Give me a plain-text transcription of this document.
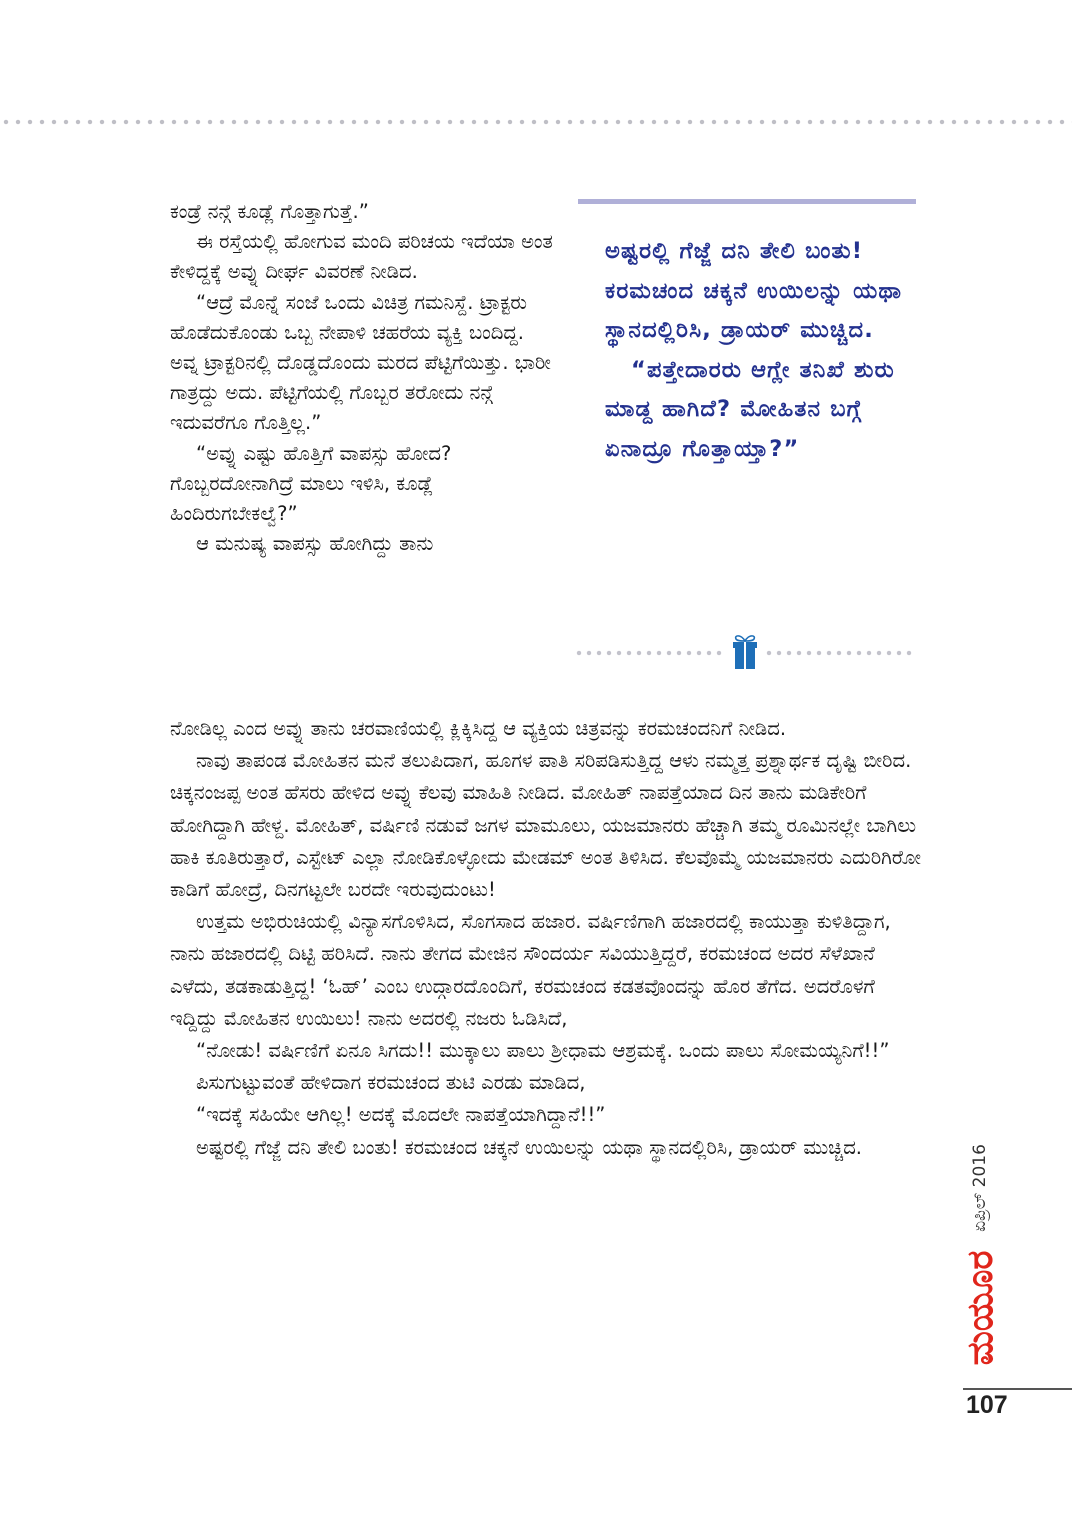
ಕಂಡ್ರೆ ನನ್ಗೆ ಕೂಡ್ಲೆ ಗೊತ್ತಾಗುತ್ತೆ.”

ಈ ರಸ್ತೆಯಲ್ಲಿ ಹೋಗುವ ಮಂದಿ ಪರಿಚಯ ಇದೆಯಾ ಅಂತ ಕೇಳಿದ್ದಕ್ಕೆ ಅವ್ನು ದೀರ್ಘ ವಿವರಣೆ ನೀಡಿದ.

“ಆದ್ರೆ ಮೊನ್ನೆ ಸಂಜೆ ಒಂದು ವಿಚಿತ್ರ ಗಮನಿಸ್ದೆ. ಟ್ರಾಕ್ಟರು ಹೊಡೆದುಕೊಂಡು ಒಬ್ಬ ನೇಪಾಳಿ ಚಹರೆಯ ವ್ಯಕ್ತಿ ಬಂದಿದ್ದ. ಅವ್ನ ಟ್ರಾಕ್ಟರಿನಲ್ಲಿ ದೊಡ್ಡದೊಂದು ಮರದ ಪೆಟ್ಟಿಗೆಯಿತ್ತು. ಭಾರೀ ಗಾತ್ರದ್ದು ಅದು. ಪೆಟ್ಟಿಗೆಯಲ್ಲಿ ಗೊಬ್ಬರ ತರೋದು ನನ್ಗೆ ಇದುವರೆಗೂ ಗೊತ್ತಿಲ್ಲ.”

“ಅವ್ನು ಎಷ್ಟು ಹೊತ್ತಿಗೆ ವಾಪಸ್ಸು ಹೋದ? ಗೊಬ್ಬರದೋನಾಗಿದ್ರೆ ಮಾಲು ಇಳಿಸಿ, ಕೂಡ್ಲೆ ಹಿಂದಿರುಗಬೇಕಲ್ವೆ?”

ಆ ಮನುಷ್ಯ ವಾಪಸ್ಸು ಹೋಗಿದ್ದು ತಾನು

ಅಷ್ಟರಲ್ಲಿ ಗೆಜ್ಜೆ ದನಿ ತೇಲಿ ಬಂತು! ಕರಮಚಂದ ಚಕ್ಕನೆ ಉಯಿಲನ್ನು ಯಥಾ ಸ್ಥಾನದಲ್ಲಿರಿಸಿ, ಡ್ರಾಯರ್ ಮುಚ್ಚಿದ.

“ಪತ್ತೇದಾರರು ಆಗ್ಲೇ ತನಿಖೆ ಶುರು ಮಾಡ್ದ ಹಾಗಿದೆ? ಮೋಹಿತನ ಬಗ್ಗೆ ಏನಾದ್ರೂ ಗೊತ್ತಾಯ್ತಾ?”

ನೋಡಿಲ್ಲ ಎಂದ ಅವ್ನು ತಾನು ಚರವಾಣಿಯಲ್ಲಿ ಕ್ಲಿಕ್ಕಿಸಿದ್ದ ಆ ವ್ಯಕ್ತಿಯ ಚಿತ್ರವನ್ನು ಕರಮಚಂದನಿಗೆ ನೀಡಿದ.

ನಾವು ತಾಪಂಡ ಮೋಹಿತನ ಮನೆ ತಲುಪಿದಾಗ, ಹೂಗಳ ಪಾತಿ ಸರಿಪಡಿಸುತ್ತಿದ್ದ ಆಳು ನಮ್ಮತ್ತ ಪ್ರಶ್ನಾರ್ಥಕ ದೃಷ್ಟಿ ಬೀರಿದ. ಚಿಕ್ಕನಂಜಪ್ಪ ಅಂತ ಹೆಸರು ಹೇಳಿದ ಅವ್ನು ಕೆಲವು ಮಾಹಿತಿ ನೀಡಿದ. ಮೋಹಿತ್ ನಾಪತ್ತೆಯಾದ ದಿನ ತಾನು ಮಡಿಕೇರಿಗೆ ಹೋಗಿದ್ದಾಗಿ ಹೇಳ್ದ. ಮೋಹಿತ್, ವರ್ಷಿಣಿ ನಡುವೆ ಜಗಳ ಮಾಮೂಲು, ಯಜಮಾನರು ಹೆಚ್ಚಾಗಿ ತಮ್ಮ ರೂಮಿನಲ್ಲೇ ಬಾಗಿಲು ಹಾಕಿ ಕೂತಿರುತ್ತಾರೆ, ಎಸ್ಟೇಟ್ ಎಲ್ಲಾ ನೋಡಿಕೊಳ್ಳೋದು ಮೇಡಮ್ ಅಂತ ತಿಳಿಸಿದ. ಕೆಲವೊಮ್ಮೆ ಯಜಮಾನರು ಎದುರಿಗಿರೋ ಕಾಡಿಗೆ ಹೋದ್ರೆ, ದಿನಗಟ್ಟಲೇ ಬರದೇ ಇರುವುದುಂಟು!

ಉತ್ತಮ ಅಭಿರುಚಿಯಲ್ಲಿ ವಿನ್ಯಾಸಗೊಳಿಸಿದ, ಸೊಗಸಾದ ಹಜಾರ. ವರ್ಷಿಣಿಗಾಗಿ ಹಜಾರದಲ್ಲಿ ಕಾಯುತ್ತಾ ಕುಳಿತಿದ್ದಾಗ, ನಾನು ಹಜಾರದಲ್ಲಿ ದಿಟ್ಟಿ ಹರಿಸಿದೆ. ನಾನು ತೇಗದ ಮೇಜಿನ ಸೌಂದರ್ಯ ಸವಿಯುತ್ತಿದ್ದರೆ, ಕರಮಚಂದ ಅದರ ಸೆಳೆಖಾನೆ ಎಳೆದು, ತಡಕಾಡುತ್ತಿದ್ದ! ‘ಓಹ್’ ಎಂಬ ಉದ್ಗಾರದೊಂದಿಗೆ, ಕರಮಚಂದ ಕಡತವೊಂದನ್ನು ಹೊರ ತೆಗೆದ. ಅದರೊಳಗೆ ಇದ್ದಿದ್ದು ಮೋಹಿತನ ಉಯಿಲು! ನಾನು ಅದರಲ್ಲಿ ನಜರು ಓಡಿಸಿದೆ,

“ನೋಡು! ವರ್ಷಿಣಿಗೆ ಏನೂ ಸಿಗದು!! ಮುಕ್ಕಾಲು ಪಾಲು ಶ್ರೀಧಾಮ ಆಶ್ರಮಕ್ಕೆ. ಒಂದು ಪಾಲು ಸೋಮಯ್ಯನಿಗೆ!!”

ಪಿಸುಗುಟ್ಟುವಂತೆ ಹೇಳಿದಾಗ ಕರಮಚಂದ ತುಟಿ ಎರಡು ಮಾಡಿದ,

“ಇದಕ್ಕೆ ಸಹಿಯೇ ಆಗಿಲ್ಲ! ಅದಕ್ಕೆ ಮೊದಲೇ ನಾಪತ್ತೆಯಾಗಿದ್ದಾನೆ!!”

ಅಷ್ಟರಲ್ಲಿ ಗೆಜ್ಜೆ ದನಿ ತೇಲಿ ಬಂತು! ಕರಮಚಂದ ಚಕ್ಕನೆ ಉಯಿಲನ್ನು ಯಥಾ ಸ್ಥಾನದಲ್ಲಿರಿಸಿ, ಡ್ರಾಯರ್ ಮುಚ್ಚಿದ.	ಏಪ್ರಿಲ್ 2016
ಮಯೂರ
107
